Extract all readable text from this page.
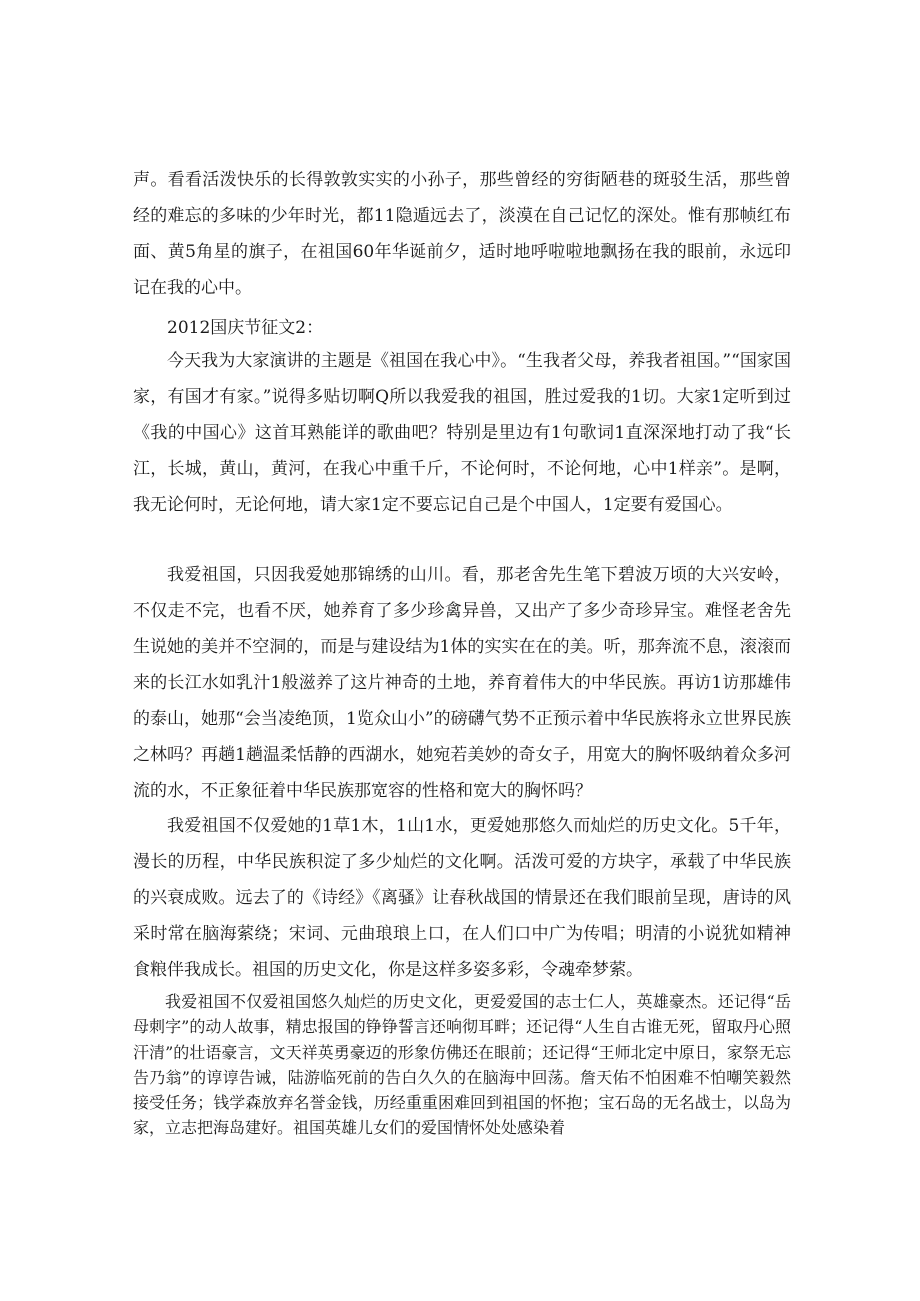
声。看看活泼快乐的长得敦敦实实的小孙子，那些曾经的穷街陋巷的斑驳生活，那些曾经的难忘的多味的少年时光，都11隐遁远去了，淡漠在自己记忆的深处。惟有那帧红布面、黄5角星的旗子，在祖国60年华诞前夕，适时地呼啦啦地飘扬在我的眼前，永远印记在我的心中。

2012国庆节征文2：

今天我为大家演讲的主题是《祖国在我心中》。“生我者父母，养我者祖国。”“国家国家，有国才有家。”说得多贴切啊Q所以我爱我的祖国，胜过爱我的1切。大家1定听到过《我的中国心》这首耳熟能详的歌曲吧？特别是里边有1句歌词1直深深地打动了我“长江，长城，黄山，黄河，在我心中重千斤，不论何时，不论何地，心中1样亲”。是啊，我无论何时，无论何地，请大家1定不要忘记自己是个中国人，1定要有爱国心。

我爱祖国，只因我爱她那锦绣的山川。看，那老舍先生笔下碧波万顷的大兴安岭，不仅走不完，也看不厌，她养育了多少珍禽异兽，又出产了多少奇珍异宝。难怪老舍先生说她的美并不空洞的，而是与建设结为1体的实实在在的美。听，那奔流不息，滚滚而来的长江水如乳汁1般滋养了这片神奇的土地，养育着伟大的中华民族。再访1访那雄伟的泰山，她那“会当凌绝顶，1览众山小”的磅礴气势不正预示着中华民族将永立世界民族之林吗？再趟1趟温柔恬静的西湖水，她宛若美妙的奇女子，用宽大的胸怀吸纳着众多河流的水，不正象征着中华民族那宽容的性格和宽大的胸怀吗？

我爱祖国不仅爱她的1草1木，1山1水，更爱她那悠久而灿烂的历史文化。5千年，漫长的历程，中华民族积淀了多少灿烂的文化啊。活泼可爱的方块字，承载了中华民族的兴衰成败。远去了的《诗经》《离骚》让春秋战国的情景还在我们眼前呈现，唐诗的风采时常在脑海萦绕；宋词、元曲琅琅上口，在人们口中广为传唱；明清的小说犹如精神食粮伴我成长。祖国的历史文化，你是这样多姿多彩，令魂牵梦萦。

我爱祖国不仅爱祖国悠久灿烂的历史文化，更爱爱国的志士仁人，英雄豪杰。还记得“岳母刺字”的动人故事，精忠报国的铮铮誓言还响彻耳畔；还记得“人生自古谁无死，留取丹心照汗清”的壮语豪言，文天祥英勇豪迈的形象仿佛还在眼前；还记得“王师北定中原日，家祭无忘告乃翁”的谆谆告诫，陆游临死前的告白久久的在脑海中回荡。詹天佑不怕困难不怕嘲笑毅然接受任务；钱学森放弃名誉金钱，历经重重困难回到祖国的怀抱；宝石岛的无名战士，以岛为家，立志把海岛建好。祖国英雄儿女们的爱国情怀处处感染着
